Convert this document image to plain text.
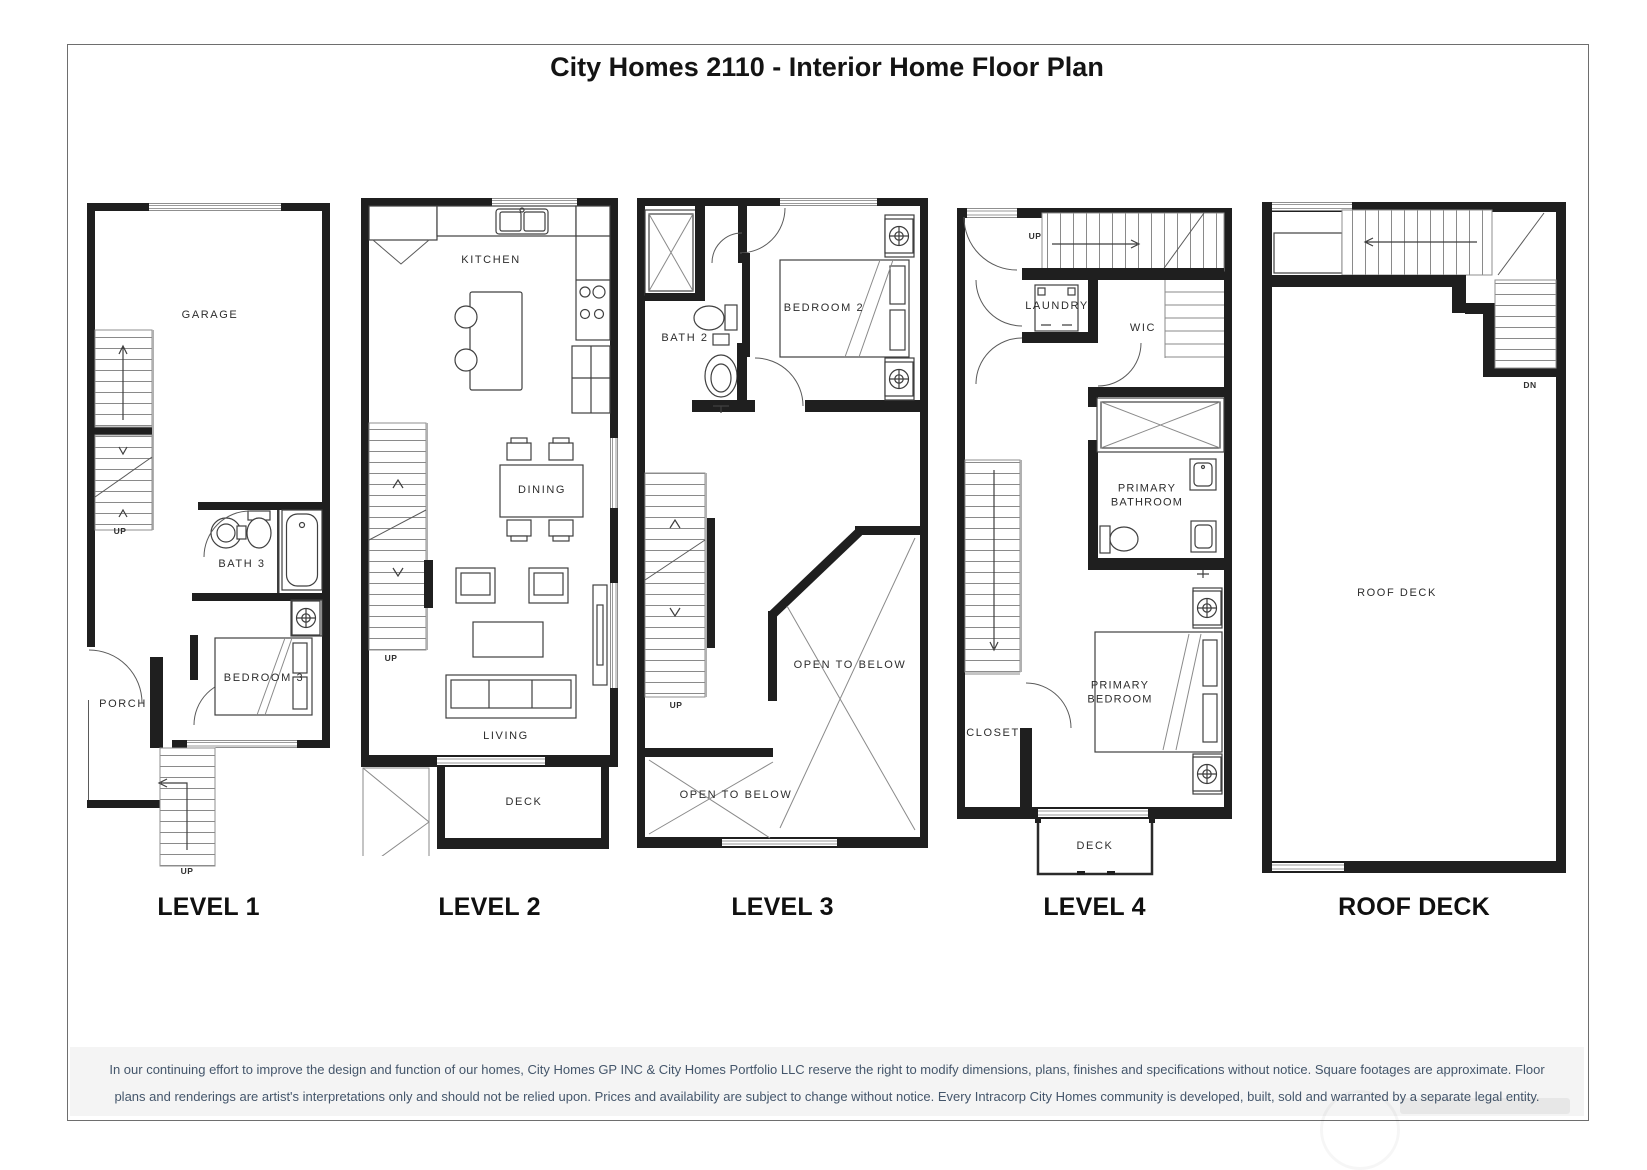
City Homes 2110 - Interior Home Floor Plan
GARAGE
BATH 3
BEDROOM 3
PORCH
UP
UP
LEVEL 1
KITCHEN
DINING
LIVING
DECK
UP
LEVEL 2
BATH 2
BEDROOM 2
OPEN TO BELOW
OPEN TO BELOW
UP
LEVEL 3
UP
LAUNDRY
WIC
PRIMARY BATHROOM
CLOSET
PRIMARY BEDROOM
DECK
LEVEL 4
DN
ROOF DECK
ROOF DECK
In our continuing effort to improve the design and function of our homes, City Homes GP INC & City Homes Portfolio LLC reserve the right to modify dimensions, plans, finishes and specifications without notice. Square footages are approximate. Floor
plans and renderings are artist's interpretations only and should not be relied upon. Prices and availability are subject to change without notice. Every Intracorp City Homes community is developed, built, sold and warranted by a separate legal entity.
